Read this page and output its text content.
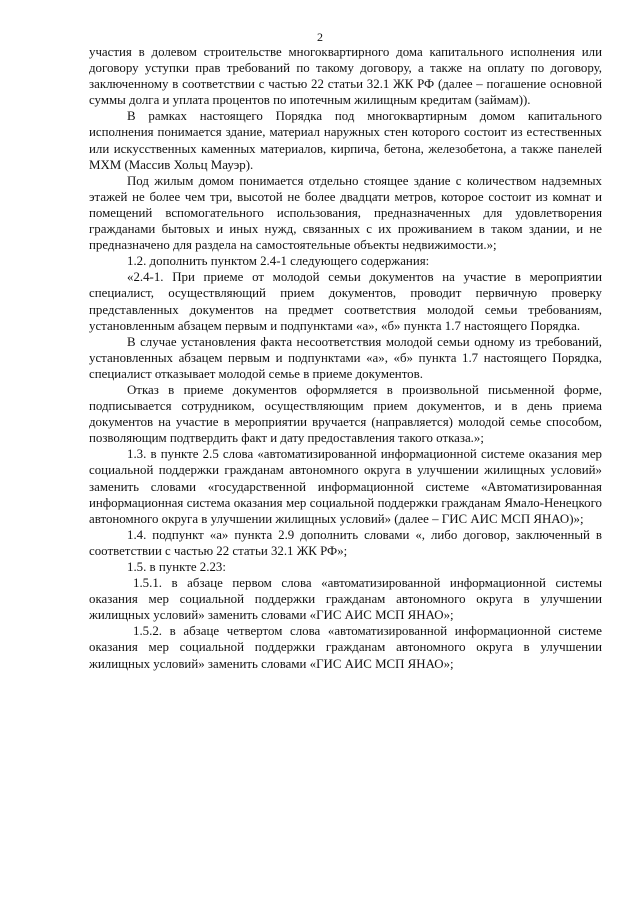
2

участия в долевом строительстве многоквартирного дома капитального исполнения или договору уступки прав требований по такому договору, а также на оплату по договору, заключенному в соответствии с частью 22 статьи 32.1 ЖК РФ (далее – погашение основной суммы долга и уплата процентов по ипотечным жилищным кредитам (займам)).

В рамках настоящего Порядка под многоквартирным домом капитального исполнения понимается здание, материал наружных стен которого состоит из естественных или искусственных каменных материалов, кирпича, бетона, железобетона, а также панелей МХМ (Массив Хольц Мауэр).

Под жилым домом понимается отдельно стоящее здание с количеством надземных этажей не более чем три, высотой не более двадцати метров, которое состоит из комнат и помещений вспомогательного использования, предназначенных для удовлетворения гражданами бытовых и иных нужд, связанных с их проживанием в таком здании, и не предназначено для раздела на самостоятельные объекты недвижимости.»;

1.2. дополнить пунктом 2.4-1 следующего содержания:

«2.4-1. При приеме от молодой семьи документов на участие в мероприятии специалист, осуществляющий прием документов, проводит первичную проверку представленных документов на предмет соответствия молодой семьи требованиям, установленным абзацем первым и подпунктами «а», «б» пункта 1.7 настоящего Порядка.

В случае установления факта несоответствия молодой семьи одному из требований, установленных абзацем первым и подпунктами «а», «б» пункта 1.7 настоящего Порядка, специалист отказывает молодой семье в приеме документов.

Отказ в приеме документов оформляется в произвольной письменной форме, подписывается сотрудником, осуществляющим прием документов, и в день приема документов на участие в мероприятии вручается (направляется) молодой семье способом, позволяющим подтвердить факт и дату предоставления такого отказа.»;

1.3. в пункте 2.5 слова «автоматизированной информационной системе оказания мер социальной поддержки гражданам автономного округа в улучшении жилищных условий» заменить словами «государственной информационной системе «Автоматизированная информационная система оказания мер социальной поддержки гражданам Ямало-Ненецкого автономного округа в улучшении жилищных условий» (далее – ГИС АИС МСП ЯНАО)»;

1.4. подпункт «а» пункта 2.9 дополнить словами «, либо договор, заключенный в соответствии с частью 22 статьи 32.1 ЖК РФ»;

1.5. в пункте 2.23:

1.5.1. в абзаце первом слова «автоматизированной информационной системы оказания мер социальной поддержки гражданам автономного округа в улучшении жилищных условий» заменить словами «ГИС АИС МСП ЯНАО»;

1.5.2. в абзаце четвертом слова «автоматизированной информационной системе оказания мер социальной поддержки гражданам автономного округа в улучшении жилищных условий» заменить словами «ГИС АИС МСП ЯНАО»;
